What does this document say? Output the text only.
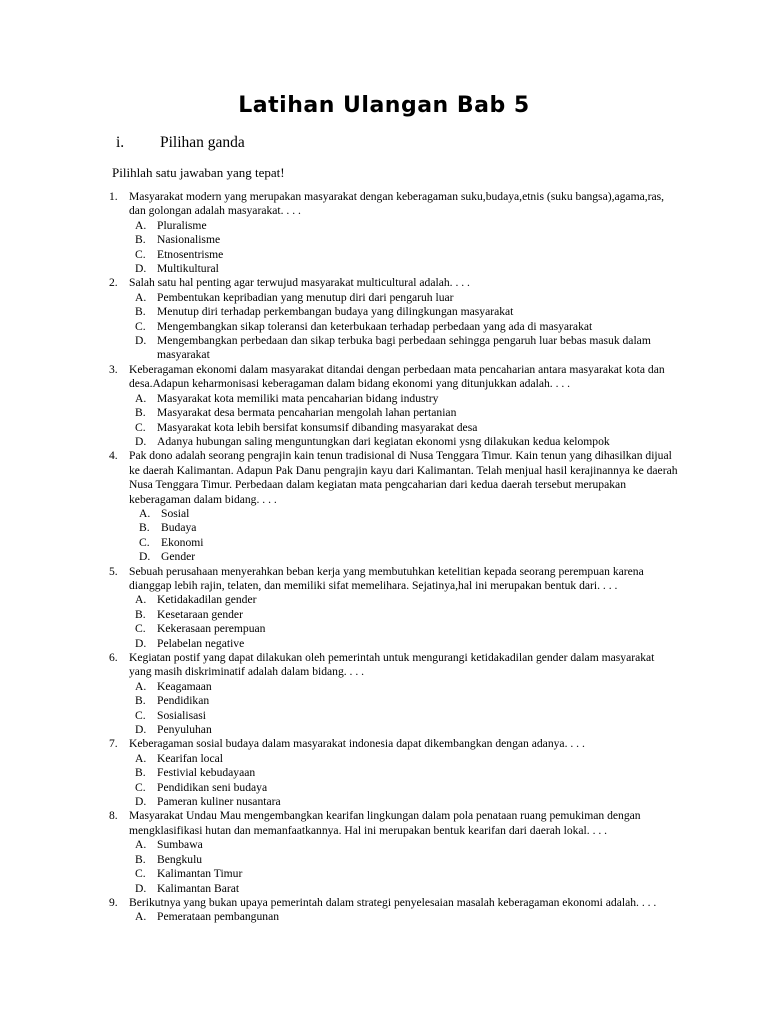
Latihan Ulangan Bab 5
i. Pilihan ganda
Pilihlah satu jawaban yang tepat!
1. Masyarakat modern yang merupakan masyarakat dengan keberagaman suku,budaya,etnis (suku bangsa),agama,ras, dan golongan adalah masyarakat. . . .
A. Pluralisme
B. Nasionalisme
C. Etnosentrisme
D. Multikultural
2. Salah satu hal penting agar terwujud masyarakat multicultural adalah. . . .
A. Pembentukan kepribadian yang menutup diri dari pengaruh luar
B. Menutup diri terhadap perkembangan budaya yang dilingkungan masyarakat
C. Mengembangkan sikap toleransi dan keterbukaan terhadap perbedaan yang ada di masyarakat
D. Mengembangkan perbedaan dan sikap terbuka bagi perbedaan sehingga pengaruh luar bebas masuk dalam masyarakat
3. Keberagaman ekonomi dalam masyarakat ditandai dengan perbedaan mata pencaharian antara masyarakat kota dan desa.Adapun keharmonisasi keberagaman dalam bidang ekonomi yang ditunjukkan adalah. . . .
A. Masyarakat kota memiliki mata pencaharian bidang industry
B. Masyarakat desa bermata pencaharian mengolah lahan pertanian
C. Masyarakat kota lebih bersifat konsumsif dibanding masyarakat desa
D. Adanya hubungan saling menguntungkan dari kegiatan ekonomi ysng dilakukan kedua kelompok
4. Pak dono adalah seorang pengrajin kain tenun tradisional di Nusa Tenggara Timur. Kain tenun yang dihasilkan dijual ke daerah Kalimantan. Adapun Pak Danu pengrajin kayu dari Kalimantan. Telah menjual hasil kerajinannya ke daerah Nusa Tenggara Timur. Perbedaan dalam kegiatan mata pengcaharian dari kedua daerah tersebut merupakan keberagaman dalam bidang. . . .
A. Sosial
B. Budaya
C. Ekonomi
D. Gender
5. Sebuah perusahaan menyerahkan beban kerja yang membutuhkan ketelitian kepada seorang perempuan karena dianggap lebih rajin, telaten, dan memiliki sifat memelihara. Sejatinya,hal ini merupakan bentuk dari. . . .
A. Ketidakadilan gender
B. Kesetaraan gender
C. Kekerasaan perempuan
D. Pelabelan negative
6. Kegiatan postif yang dapat dilakukan oleh pemerintah untuk mengurangi ketidakadilan gender dalam masyarakat yang masih diskriminatif adalah dalam bidang. . . .
A. Keagamaan
B. Pendidikan
C. Sosialisasi
D. Penyuluhan
7. Keberagaman sosial budaya dalam masyarakat indonesia dapat dikembangkan dengan adanya. . . .
A. Kearifan local
B. Festivial kebudayaan
C. Pendidikan seni budaya
D. Pameran kuliner nusantara
8. Masyarakat Undau Mau mengembangkan kearifan lingkungan dalam pola penataan ruang pemukiman dengan mengklasifikasi hutan dan memanfaatkannya. Hal ini merupakan bentuk kearifan dari daerah lokal. . . .
A. Sumbawa
B. Bengkulu
C. Kalimantan Timur
D. Kalimantan Barat
9. Berikutnya yang bukan upaya pemerintah dalam strategi penyelesaian masalah keberagaman ekonomi adalah. . . .
A. Pemerataan pembangunan
